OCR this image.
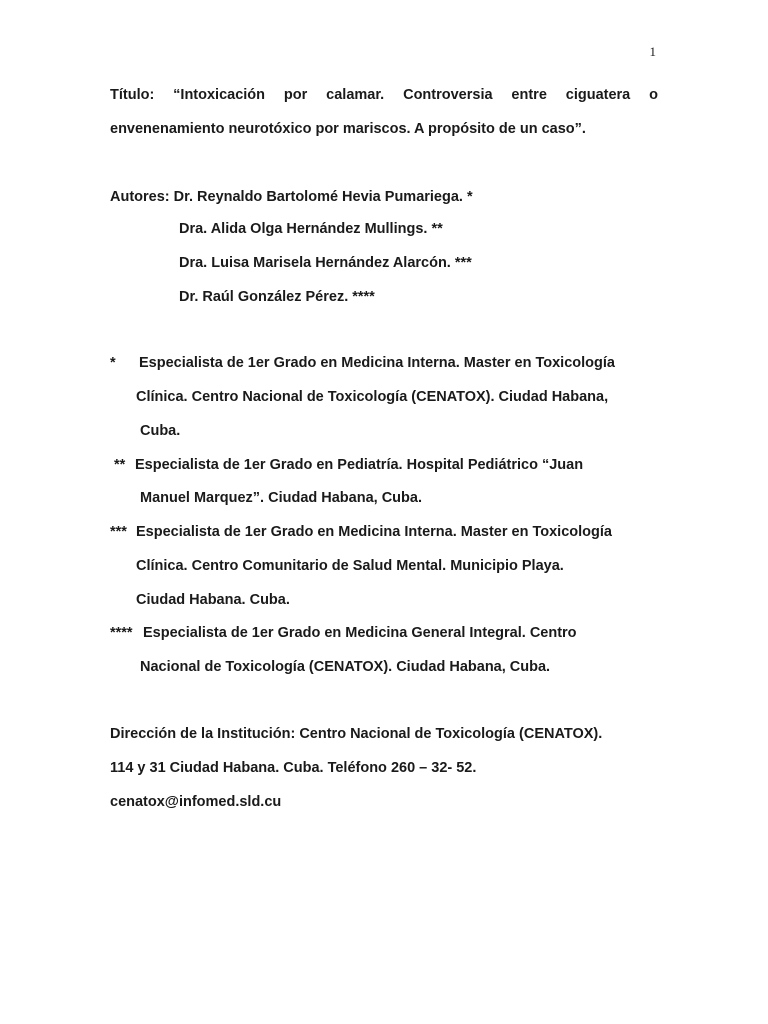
1
Título: “Intoxicación por calamar. Controversia entre ciguatera o
envenenamiento neurotóxico por mariscos. A propósito de un caso”.
Autores: Dr. Reynaldo Bartolomé Hevia Pumariega. *
Dra. Alida Olga Hernández Mullings. **
Dra. Luisa Marisela Hernández Alarcón. ***
Dr. Raúl González Pérez. ****
* Especialista de 1er Grado en Medicina Interna. Master en Toxicología
Clínica. Centro Nacional de Toxicología (CENATOX). Ciudad Habana,
Cuba.
** Especialista de 1er Grado en Pediatría. Hospital Pediátrico “Juan
Manuel Marquez”. Ciudad Habana, Cuba.
*** Especialista de 1er Grado en Medicina Interna. Master en Toxicología
Clínica. Centro Comunitario de Salud Mental. Municipio Playa.
Ciudad Habana. Cuba.
**** Especialista de 1er Grado en Medicina General Integral. Centro
Nacional de Toxicología (CENATOX). Ciudad Habana, Cuba.
Dirección de la Institución: Centro Nacional de Toxicología (CENATOX).
114 y 31 Ciudad Habana. Cuba. Teléfono 260 – 32- 52.
cenatox@infomed.sld.cu
